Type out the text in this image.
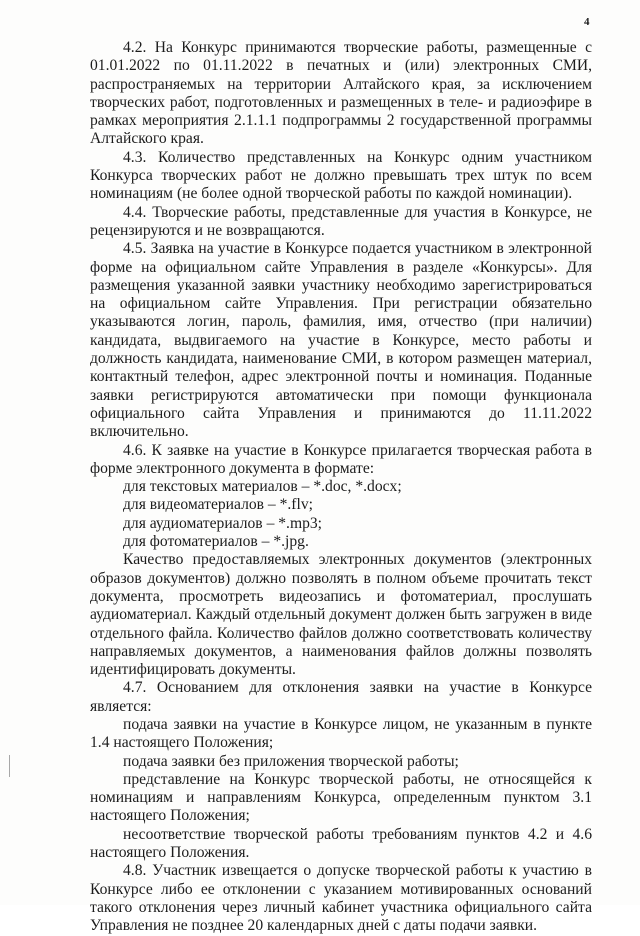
4

4.2. На Конкурс принимаются творческие работы, размещенные с 01.01.2022 по 01.11.2022 в печатных и (или) электронных СМИ, распространяемых на территории Алтайского края, за исключением творческих работ, подготовленных и размещенных в теле- и радиоэфире в рамках мероприятия 2.1.1.1 подпрограммы 2 государственной программы Алтайского края.

4.3. Количество представленных на Конкурс одним участником Конкурса творческих работ не должно превышать трех штук по всем номинациям (не более одной творческой работы по каждой номинации).

4.4. Творческие работы, представленные для участия в Конкурсе, не рецензируются и не возвращаются.

4.5. Заявка на участие в Конкурсе подается участником в электронной форме на официальном сайте Управления в разделе «Конкурсы». Для размещения указанной заявки участнику необходимо зарегистрироваться на официальном сайте Управления. При регистрации обязательно указываются логин, пароль, фамилия, имя, отчество (при наличии) кандидата, выдвигаемого на участие в Конкурсе, место работы и должность кандидата, наименование СМИ, в котором размещен материал, контактный телефон, адрес электронной почты и номинация. Поданные заявки регистрируются автоматически при помощи функционала официального сайта Управления и принимаются до 11.11.2022 включительно.

4.6. К заявке на участие в Конкурсе прилагается творческая работа в форме электронного документа в формате:

для текстовых материалов – *.doc, *.docx;
для видеоматериалов – *.flv;
для аудиоматериалов – *.mp3;
для фотоматериалов – *.jpg.

Качество предоставляемых электронных документов (электронных образов документов) должно позволять в полном объеме прочитать текст документа, просмотреть видеозапись и фотоматериал, прослушать аудиоматериал. Каждый отдельный документ должен быть загружен в виде отдельного файла. Количество файлов должно соответствовать количеству направляемых документов, а наименования файлов должны позволять идентифицировать документы.

4.7. Основанием для отклонения заявки на участие в Конкурсе является:

подача заявки на участие в Конкурсе лицом, не указанным в пункте 1.4 настоящего Положения;

подача заявки без приложения творческой работы;

представление на Конкурс творческой работы, не относящейся к номинациям и направлениям Конкурса, определенным пунктом 3.1 настоящего Положения;

несоответствие творческой работы требованиям пунктов 4.2 и 4.6 настоящего Положения.

4.8. Участник извещается о допуске творческой работы к участию в Конкурсе либо ее отклонении с указанием мотивированных оснований такого отклонения через личный кабинет участника официального сайта Управления не позднее 20 календарных дней с даты подачи заявки.
